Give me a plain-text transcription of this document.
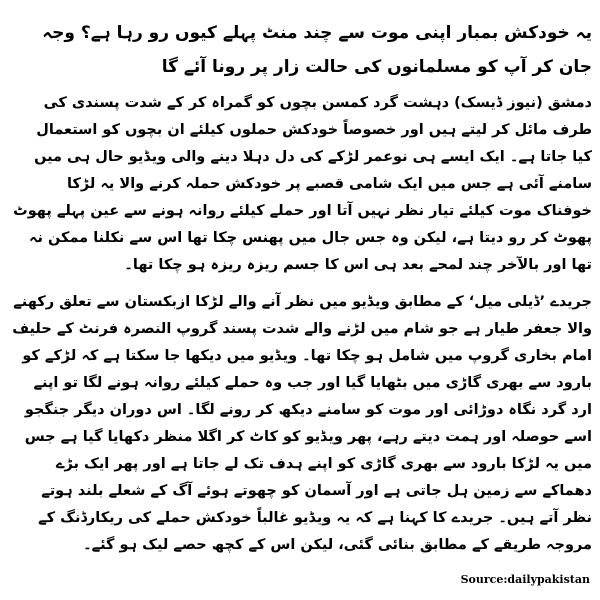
یہ خودکش بمبار اپنی موت سے چند منٹ پہلے کیوں رو رہا ہے؟ وجہ جان کر آپ کو مسلمانوں کی حالت زار پر رونا آئے گا

دمشق (نیوز ڈیسک) دہشت گرد کمسن بچوں کو گمراہ کر کے شدت پسندی کی طرف مائل کر لیتے ہیں اور خصوصاً خودکش حملوں کیلئے ان بچوں کو استعمال کیا جاتا ہے۔ ایک ایسے ہی نوعمر لڑکے کی دل دہلا دینے والی ویڈیو حال ہی میں سامنے آئی ہے جس میں ایک شامی قصبے پر خودکش حملہ کرنے والا یہ لڑکا خوفناک موت کیلئے تیار نظر نہیں آتا اور حملے کیلئے روانہ ہونے سے عین پہلے پھوٹ پھوٹ کر رو دیتا ہے، لیکن وہ جس جال میں پھنس چکا تھا اس سے نکلنا ممکن نہ تھا اور بالآخر چند لمحے بعد ہی اس کا جسم ریزہ ریزہ ہو چکا تھا۔

جریدے ’ڈیلی میل‘ کے مطابق ویڈیو میں نظر آنے والے لڑکا ازبکستان سے تعلق رکھنے والا جعفر طیار ہے جو شام میں لڑنے والے شدت پسند گروپ النصرہ فرنٹ کے حلیف امام بخاری گروپ میں شامل ہو چکا تھا۔ ویڈیو میں دیکھا جا سکتا ہے کہ لڑکے کو بارود سے بھری گاڑی میں بٹھایا گیا اور جب وہ حملے کیلئے روانہ ہونے لگا تو اپنے ارد گرد نگاہ دوڑائی اور موت کو سامنے دیکھ کر رونے لگا۔ اس دوران دیگر جنگجو اسے حوصلہ اور ہمت دیتے رہے، پھر ویڈیو کو کاٹ کر اگلا منظر دکھایا گیا ہے جس میں یہ لڑکا بارود سے بھری گاڑی کو اپنے ہدف تک لے جاتا ہے اور پھر ایک بڑے دھماکے سے زمین ہل جاتی ہے اور آسمان کو چھوتے ہوئے آگ کے شعلے بلند ہوتے نظر آتے ہیں۔ جریدے کا کہنا ہے کہ یہ ویڈیو غالباً خودکش حملے کی ریکارڈنگ کے مروجہ طریقے کے مطابق بنائی گئی، لیکن اس کے کچھ حصے لیک ہو گئے۔

Source:dailypakistan
